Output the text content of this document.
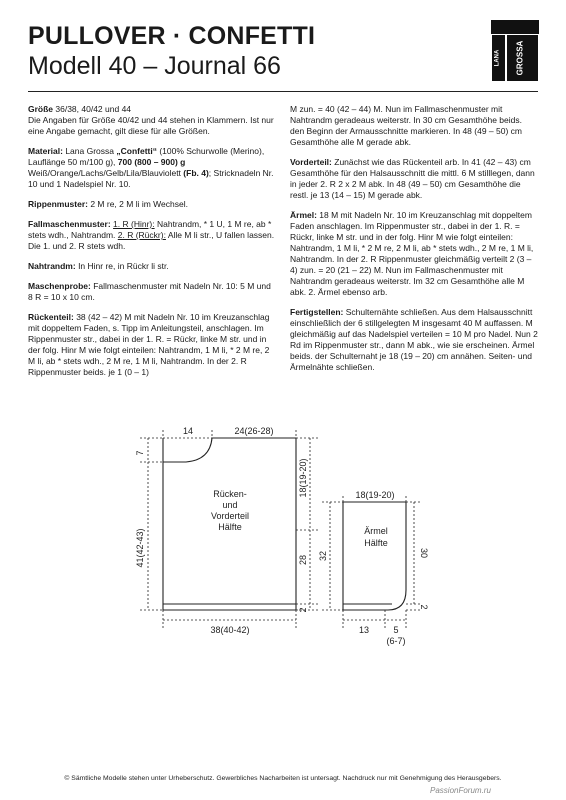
PULLOVER · CONFETTI
Modell 40 – Journal 66	LANA GROSSA

Größe 36/38, 40/42 und 44
Die Angaben für Größe 40/42 und 44 stehen in Klammern. Ist nur eine Angabe gemacht, gilt diese für alle Größen.

Material: Lana Grossa „Confetti“ (100% Schurwolle (Merino), Lauflänge 50 m/100 g), 700 (800 – 900) g Weiß/Orange/Lachs/Gelb/Lila/Blauviolett (Fb. 4); Stricknadeln Nr. 10 und 1 Nadelspiel Nr. 10.

Rippenmuster: 2 M re, 2 M li im Wechsel.

Fallmaschenmuster: 1. R (Hinr): Nahtrandm, * 1 U, 1 M re, ab * stets wdh., Nahtrandm. 2. R (Rückr): Alle M li str., U fallen lassen. Die 1. und 2. R stets wdh.

Nahtrandm: In Hinr re, in Rückr li str.

Maschenprobe: Fallmaschenmuster mit Nadeln Nr. 10: 5 M und 8 R = 10 x 10 cm.

Rückenteil: 38 (42 – 42) M mit Nadeln Nr. 10 im Kreuzanschlag mit doppeltem Faden, s. Tipp im Anleitungsteil, anschlagen. Im Rippenmuster str., dabei in der 1. R. = Rückr, linke M str. und in der folg. Hinr M wie folgt einteilen: Nahtrandm, 1 M li, * 2 M re, 2 M li, ab * stets wdh., 2 M re, 1 M li, Nahtrandm. In der 2. R Rippenmuster beids. je 1 (0 – 1)

M zun. = 40 (42 – 44) M. Nun im Fallmaschenmuster mit Nahtrandm geradeaus weiterstr. In 30 cm Gesamthöhe beids. den Beginn der Armausschnitte markieren. In 48 (49 – 50) cm Gesamthöhe alle M gerade abk.

Vorderteil: Zunächst wie das Rückenteil arb. In 41 (42 – 43) cm Gesamthöhe für den Halsausschnitt die mittl. 6 M stilllegen, dann in jeder 2. R 2 x 2 M abk. In 48 (49 – 50) cm Gesamthöhe die restl. je 13 (14 – 15) M gerade abk.

Ärmel: 18 M mit Nadeln Nr. 10 im Kreuzanschlag mit doppeltem Faden anschlagen. Im Rippenmuster str., dabei in der 1. R. = Rückr, linke M str. und in der folg. Hinr M wie folgt einteilen: Nahtrandm, 1 M li, * 2 M re, 2 M li, ab * stets wdh., 2 M re, 1 M li, Nahtrandm. In der 2. R Rippenmuster gleichmäßig verteilt 2 (3 – 4) zun. = 20 (21 – 22) M. Nun im Fallmaschenmuster mit Nahtrandm geradeaus weiterstr. Im 32 cm Gesamthöhe alle M abk. 2. Ärmel ebenso arb.

Fertigstellen: Schulternähte schließen. Aus dem Halsausschnitt einschließlich der 6 stillgelegten M insgesamt 40 M auffassen. M gleichmäßig auf das Nadelspiel verteilen = 10 M pro Nadel. Nun 2 Rd im Rippenmuster str., dann M abk., wie sie erscheinen. Ärmel beids. der Schulternaht je 18 (19 – 20) cm annähen. Seiten- und Ärmelnähte schließen.

Rücken-
und
Vorderteil
Hälfte
14	24(26-28)
7
41(42-43)
18(19-20)
28
2
38(40-42)
Ärmel
Hälfte
18(19-20)
32	30
2
13	5
(6-7)
© Sämtliche Modelle stehen unter Urheberschutz. Gewerbliches Nacharbeiten ist untersagt. Nachdruck nur mit Genehmigung des Herausgebers.
PassionForum.ru
